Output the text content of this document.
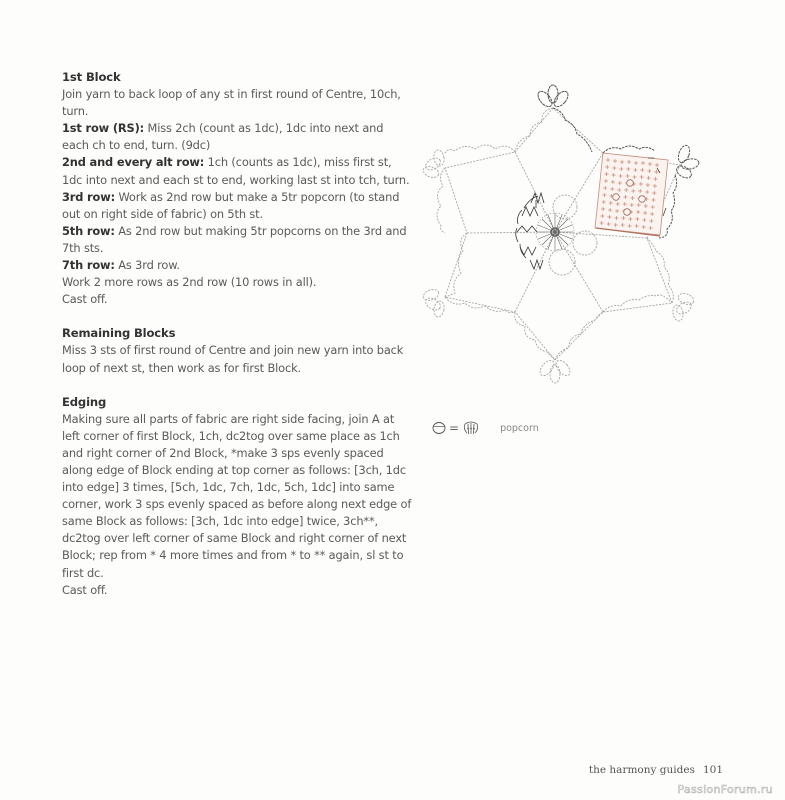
1st Block

Join yarn to back loop of any st in first round of Centre, 10ch, turn.

1st row (RS): Miss 2ch (count as 1dc), 1dc into next and each ch to end, turn. (9dc)

2nd and every alt row: 1ch (counts as 1dc), miss first st, 1dc into next and each st to end, working last st into tch, turn.

3rd row: Work as 2nd row but make a 5tr popcorn (to stand out on right side of fabric) on 5th st.

5th row: As 2nd row but making 5tr popcorns on the 3rd and 7th sts.

7th row: As 3rd row.

Work 2 more rows as 2nd row (10 rows in all).

Cast off.

Remaining Blocks

Miss 3 sts of first round of Centre and join new yarn into back loop of next st, then work as for first Block.

Edging

Making sure all parts of fabric are right side facing, join A at left corner of first Block, 1ch, dc2tog over same place as 1ch and right corner of 2nd Block, *make 3 sps evenly spaced along edge of Block ending at top corner as follows: [3ch, 1dc into edge] 3 times, [5ch, 1dc, 7ch, 1dc, 5ch, 1dc] into same corner, work 3 sps evenly spaced as before along next edge of same Block as follows: [3ch, 1dc into edge] twice, 3ch**, dc2tog over left corner of same Block and right corner of next Block; rep from * 4 more times and from * to ** again, sl st to first dc.

Cast off.

=	popcorn
the harmony guides 101
PassionForum.ru
